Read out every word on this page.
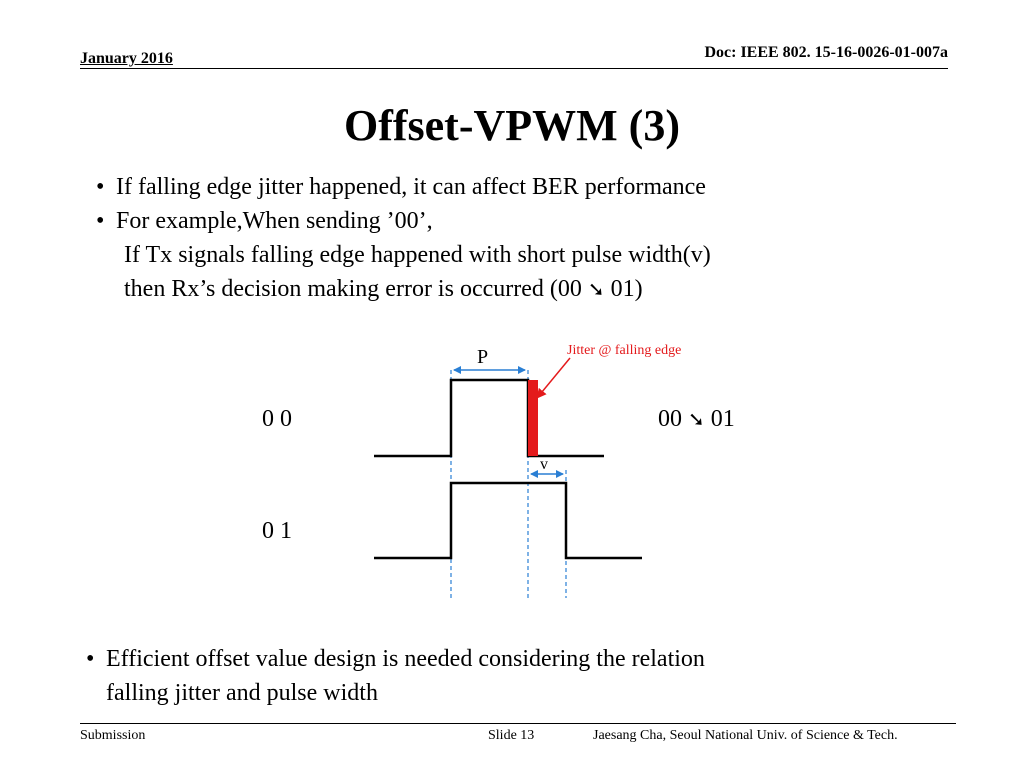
January 2016	Doc: IEEE 802. 15-16-0026-01-007a
Offset-VPWM (3)
• If falling edge jitter happened, it can affect BER performance
• For example,When sending ’00’,
If Tx signals falling edge happened with short pulse width(v)
then Rx’s decision making error is occurred (00 ➘ 01)
P
v
Jitter @ falling edge
0 0
0 1
00 ➘ 01
• Efficient offset value design is needed considering the relation
falling jitter and pulse width
Submission	Slide 13	Jaesang Cha, Seoul National Univ. of Science & Tech.
